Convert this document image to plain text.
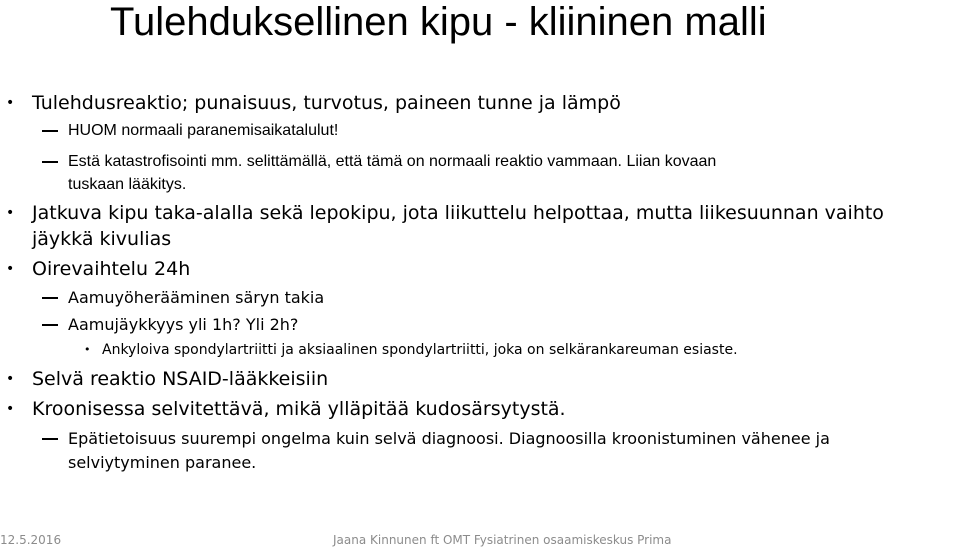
Tulehduksellinen kipu - kliininen malli
• Tulehdusreaktio; punaisuus, turvotus, paineen tunne ja lämpö
HUOM normaali paranemisaikatalulut!
Estä katastrofisointi mm. selittämällä, että tämä on normaali reaktio vammaan. Liian kovaan
tuskaan lääkitys.
• Jatkuva kipu taka-alalla sekä lepokipu, jota liikuttelu helpottaa, mutta liikesuunnan vaihto
jäykkä kivulias
• Oirevaihtelu 24h
Aamuyöherääminen säryn takia
Aamujäykkyys yli 1h? Yli 2h?
• Ankyloiva spondylartriitti ja aksiaalinen spondylartriitti, joka on selkärankareuman esiaste.
• Selvä reaktio NSAID-lääkkeisiin
• Kroonisessa selvitettävä, mikä ylläpitää kudosärsytystä.
Epätietoisuus suurempi ongelma kuin selvä diagnoosi. Diagnoosilla kroonistuminen vähenee ja
selviytyminen paranee.
12.5.2016	Jaana Kinnunen ft OMT Fysiatrinen osaamiskeskus Prima
